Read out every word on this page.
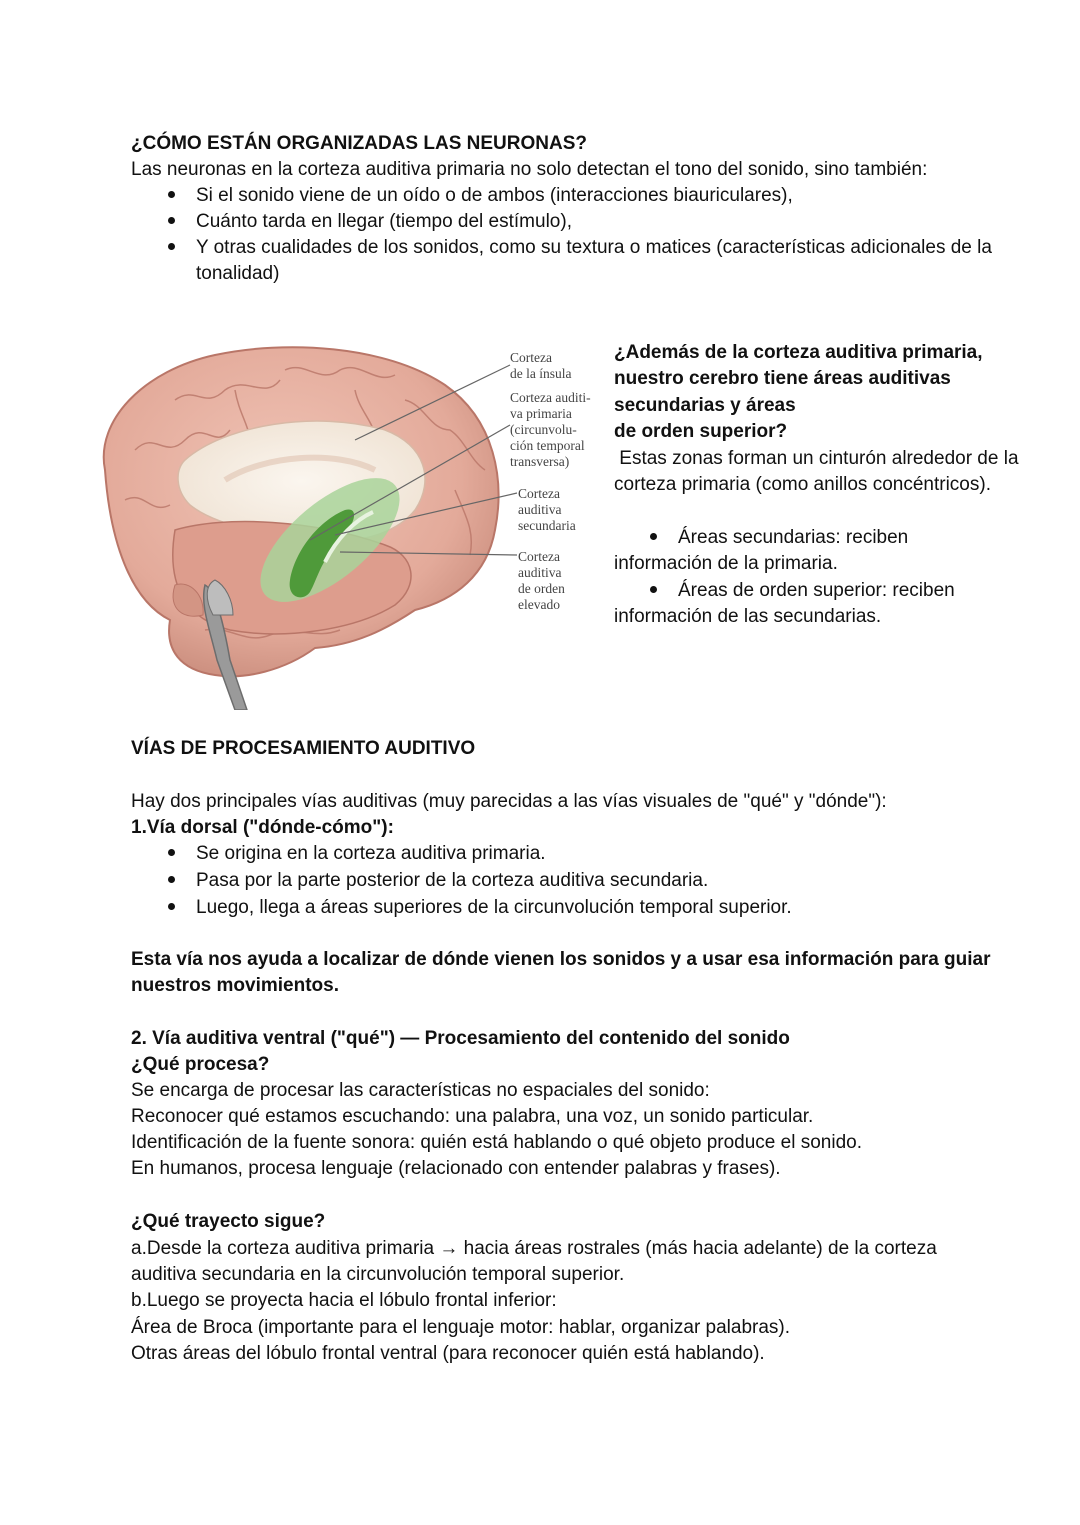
¿CÓMO ESTÁN ORGANIZADAS LAS NEURONAS?
Las neuronas en la corteza auditiva primaria no solo detectan el tono del sonido, sino también:
Si el sonido viene de un oído o de ambos (interacciones biauriculares),
Cuánto tarda en llegar (tiempo del estímulo),
Y otras cualidades de los sonidos, como su textura o matices (características adicionales de la
tonalidad)
Corteza
de la ínsula
Corteza auditi-
va primaria
(circunvolu-
ción temporal
transversa)
Corteza
auditiva
secundaria
Corteza
auditiva
de orden
elevado
¿Además de la corteza auditiva primaria,
nuestro cerebro tiene áreas auditivas
secundarias y áreas
de orden superior?
Estas zonas forman un cinturón alrededor de la
corteza primaria (como anillos concéntricos).
Áreas secundarias: reciben
información de la primaria.
Áreas de orden superior: reciben
información de las secundarias.
VÍAS DE PROCESAMIENTO AUDITIVO
Hay dos principales vías auditivas (muy parecidas a las vías visuales de "qué" y "dónde"):
1.Vía dorsal ("dónde-cómo"):
Se origina en la corteza auditiva primaria.
Pasa por la parte posterior de la corteza auditiva secundaria.
Luego, llega a áreas superiores de la circunvolución temporal superior.
Esta vía nos ayuda a localizar de dónde vienen los sonidos y a usar esa información para guiar
nuestros movimientos.
2. Vía auditiva ventral ("qué") — Procesamiento del contenido del sonido
¿Qué procesa?
Se encarga de procesar las características no espaciales del sonido:
Reconocer qué estamos escuchando: una palabra, una voz, un sonido particular.
Identificación de la fuente sonora: quién está hablando o qué objeto produce el sonido.
En humanos, procesa lenguaje (relacionado con entender palabras y frases).
¿Qué trayecto sigue?
a.Desde la corteza auditiva primaria → hacia áreas rostrales (más hacia adelante) de la corteza
auditiva secundaria en la circunvolución temporal superior.
b.Luego se proyecta hacia el lóbulo frontal inferior:
Área de Broca (importante para el lenguaje motor: hablar, organizar palabras).
Otras áreas del lóbulo frontal ventral (para reconocer quién está hablando).
